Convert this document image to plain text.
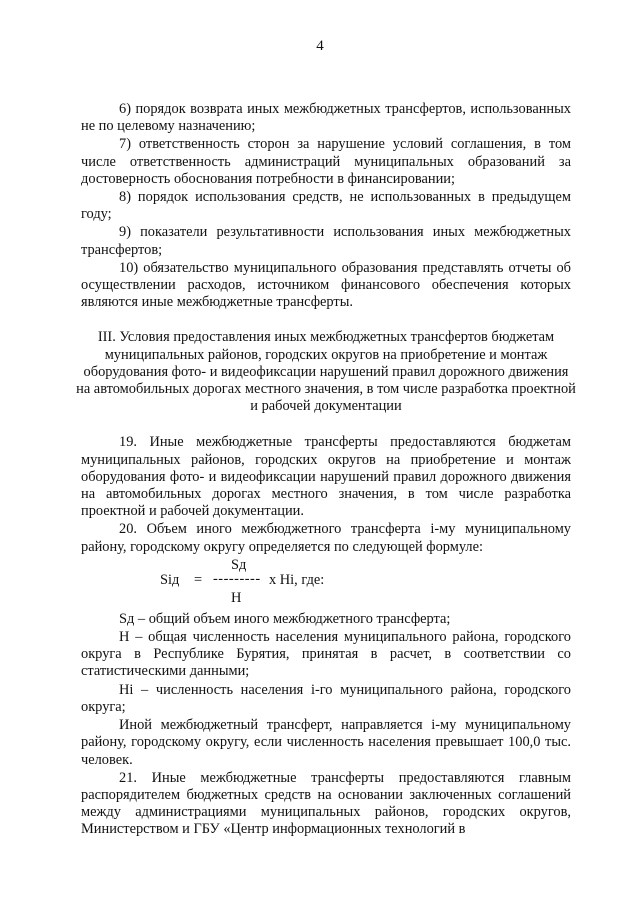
4

6) порядок возврата иных межбюджетных трансфертов, использованных не по целевому назначению;

7) ответственность сторон за нарушение условий соглашения, в том числе ответственность администраций муниципальных образований за достоверность обоснования потребности в финансировании;

8) порядок использования средств, не использованных в предыдущем году;

9) показатели результативности использования иных межбюджетных трансфертов;

10) обязательство муниципального образования представлять отчеты об осуществлении расходов, источником финансового обеспечения которых являются иные межбюджетные трансферты.

III. Условия предоставления иных межбюджетных трансфертов бюджетам муниципальных районов, городских округов на приобретение и монтаж оборудования фото- и видеофиксации нарушений правил дорожного движения на автомобильных дорогах местного значения, в том числе разработка проектной и рабочей документации

19. Иные межбюджетные трансферты предоставляются бюджетам муниципальных районов, городских округов на приобретение и монтаж оборудования фото- и видеофиксации нарушений правил дорожного движения на автомобильных дорогах местного значения, в том числе разработка проектной и рабочей документации.

20. Объем иного межбюджетного трансферта i-му муниципальному району, городскому округу определяется по следующей формуле:

Sд
Siд = --------- х Hi, где:
H

Sд – общий объем иного межбюджетного трансферта;

H – общая численность населения муниципального района, городского округа в Республике Бурятия, принятая в расчет, в соответствии со статистическими данными;

Hi – численность населения i-го муниципального района, городского округа;

Иной межбюджетный трансферт, направляется i-му муниципальному району, городскому округу, если численность населения превышает 100,0 тыс. человек.

21. Иные межбюджетные трансферты предоставляются главным распорядителем бюджетных средств на основании заключенных соглашений между администрациями муниципальных районов, городских округов, Министерством и ГБУ «Центр информационных технологий в
